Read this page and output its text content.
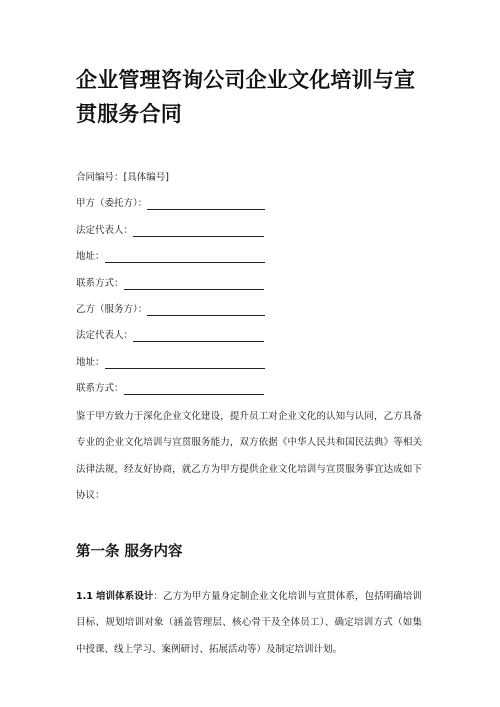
企业管理咨询公司企业文化培训与宣贯服务合同
合同编号：[具体编号]
甲方（委托方）：
法定代表人：
地址：
联系方式：
乙方（服务方）：
法定代表人：
地址：
联系方式：

鉴于甲方致力于深化企业文化建设，提升员工对企业文化的认知与认同，乙方具备专业的企业文化培训与宣贯服务能力，双方依据《中华人民共和国民法典》等相关法律法规，经友好协商，就乙方为甲方提供企业文化培训与宣贯服务事宜达成如下协议：

第一条 服务内容

1.1 培训体系设计：乙方为甲方量身定制企业文化培训与宣贯体系，包括明确培训目标、规划培训对象（涵盖管理层、核心骨干及全体员工）、确定培训方式（如集中授课、线上学习、案例研讨、拓展活动等）及制定培训计划。
